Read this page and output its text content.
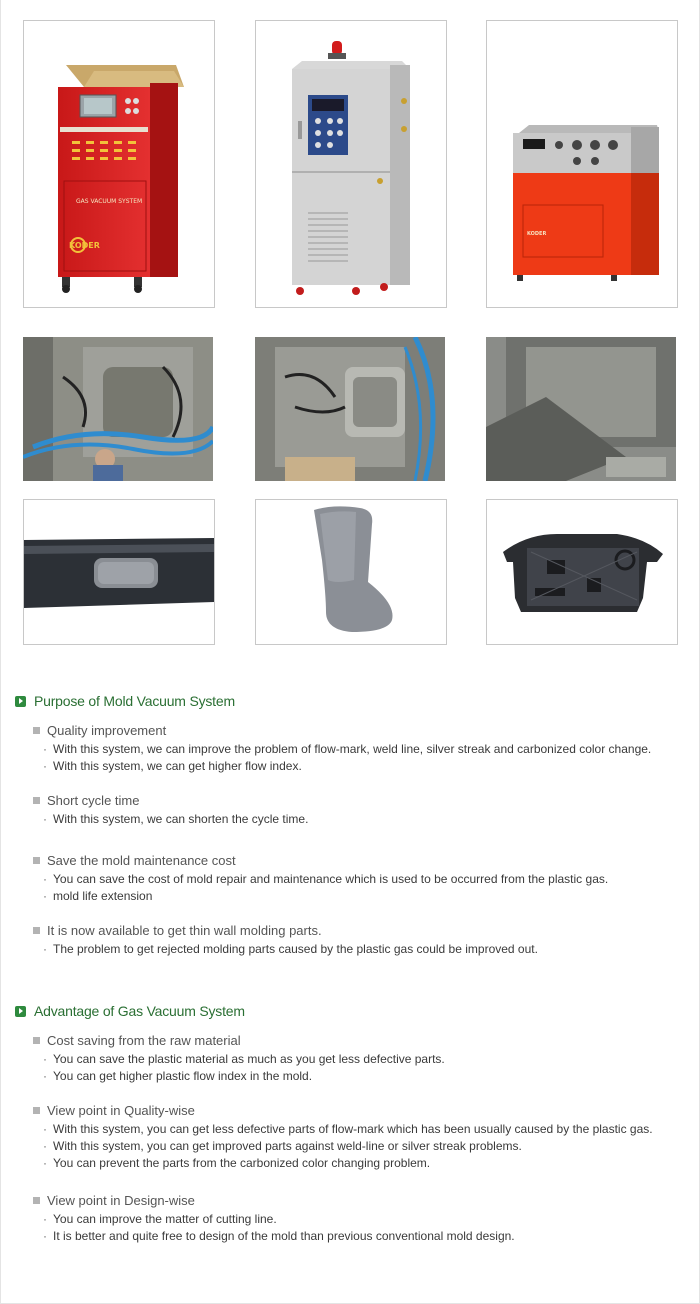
GAS VACUUM SYSTEM
KODER
KODER
Purpose of Mold Vacuum System
Quality improvement
· With this system, we can improve the problem of flow-mark, weld line, silver streak and carbonized color change.
· With this system, we can get higher flow index.
Short cycle time
· With this system, we can shorten the cycle time.
Save the mold maintenance cost
· You can save the cost of mold repair and maintenance which is used to be occurred from the plastic gas.
· mold life extension
It is now available to get thin wall molding parts.
· The problem to get rejected molding parts caused by the plastic gas could be improved out.
Advantage of Gas Vacuum System
Cost saving from the raw material
· You can save the plastic material as much as you get less defective parts.
· You can get higher plastic flow index in the mold.
View point in Quality-wise
· With this system, you can get less defective parts of flow-mark which has been usually caused by the plastic gas.
· With this system, you can get improved parts against weld-line or silver streak problems.
· You can prevent the parts from the carbonized color changing problem.
View point in Design-wise
· You can improve the matter of cutting line.
· It is better and quite free to design of the mold than previous conventional mold design.
